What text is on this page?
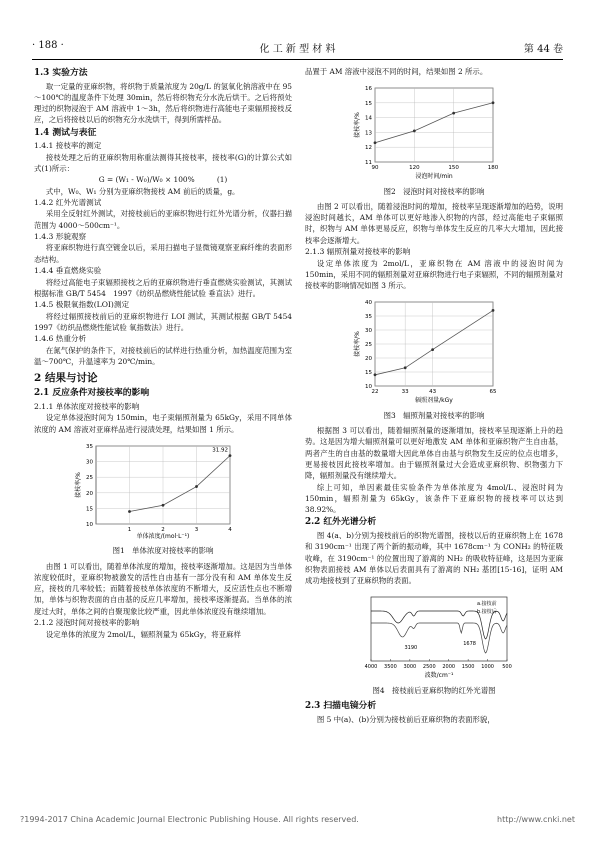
· 188 ·	化 工 新 型 材 料	第 44 卷
1.3 实验方法

取一定量的亚麻织物，将织物于质量浓度为 20g/L 的氢氧化钠溶液中在 95～100℃的温度条件下处理 30min，然后将织物充分水洗后烘干。之后将预处理过的织物浸泡于 AM 溶液中 1～3h，然后将织物进行高能电子束辐照接枝反应，之后将接枝以后的织物充分水洗烘干，得到所需样品。

1.4 测试与表征
1.4.1 接枝率的测定

接枝处理之后的亚麻织物用称重法测得其接枝率，接枝率(G)的计算公式如式(1)所示：

G = (W₁ - W₀)/W₀ × 100%　　　(1)

式中，W₀、W₁ 分别为亚麻织物接枝 AM 前后的质量，g。

1.4.2 红外光谱测试

采用全反射红外测试，对接枝前后的亚麻织物进行红外光谱分析，仪器扫描范围为 4000～500cm⁻¹。

1.4.3 形貌观察

将亚麻织物进行真空镀金以后，采用扫描电子显微镜观察亚麻纤维的表面形态结构。

1.4.4 垂直燃烧实验

将经过高能电子束辐照接枝之后的亚麻织物进行垂直燃烧实验测试，其测试根据标准 GB/T 5454　1997《纺织品燃烧性能试验 垂直法》进行。

1.4.5 极限氧指数(LOI)测定

将经过辐照接枝前后的亚麻织物进行 LOI 测试，其测试根据 GB/T 5454　1997《纺织品燃烧性能试验 氧指数法》进行。

1.4.6 热重分析

在氮气保护的条件下，对接枝前后的试样进行热重分析，加热温度范围为室温～700℃，升温速率为 20℃/min。

2 结果与讨论
2.1 反应条件对接枝率的影响
2.1.1 单体浓度对接枝率的影响

设定单体浸泡时间为 150min，电子束辐照剂量为 65kGy，采用不同单体浓度的 AM 溶液对亚麻样品进行浸渍处理，结果如图 1 所示。

10
15
20
25
30
35
1	2	3	4
31.92
单体浓度/(mol·L⁻¹)
接枝率/%
图1　单体浓度对接枝率的影响

由图 1 可以看出，随着单体浓度的增加，接枝率逐渐增加。这是因为当单体浓度较低时，亚麻织物被激发的活性自由基有一部分没有和 AM 单体发生反应，接枝的几率较低；而随着接枝单体浓度的不断增大，反应活性点也不断增加，单体与织物表面的自由基的反应几率增加，接枝率逐渐提高。当单体的浓度过大时，单体之间的自聚现象比较严重，因此单体浓度没有继续增加。

2.1.2 浸泡时间对接枝率的影响

设定单体的浓度为 2mol/L，辐照剂量为 65kGy，将亚麻样

品置于 AM 溶液中浸泡不同的时间，结果如图 2 所示。

11
12
13
14
15
16
90	120	150	180
浸泡时间/min
接枝率/%
图2　浸泡时间对接枝率的影响

由图 2 可以看出，随着浸泡时间的增加，接枝率呈现逐渐增加的趋势，说明浸泡时间越长，AM 单体可以更好地渗入织物的内部，经过高能电子束辐照时，织物与 AM 单体更易反应，织物与单体发生反应的几率大大增加，因此接枝率会逐渐增大。

2.1.3 辐照剂量对接枝率的影响

设定单体浓度为 2mol/L，亚麻织物在 AM 溶液中的浸泡时间为 150min，采用不同的辐照剂量对亚麻织物进行电子束辐照，不同的辐照剂量对接枝率的影响情况如图 3 所示。

10
15
20
25
30
35
40
22	33	43	65
辐照剂量/kGy
接枝率/%
图3　辐照剂量对接枝率的影响

根据图 3 可以看出，随着辐照剂量的逐渐增加，接枝率呈现逐渐上升的趋势。这是因为增大辐照剂量可以更好地激发 AM 单体和亚麻织物产生自由基，两者产生的自由基的数量增大因此单体自由基与织物发生反应的位点也增多，更易接枝因此接枝率增加。由于辐照剂量过大会造成亚麻织物、织物强力下降，辐照剂量没有继续增大。

综上可知，单因素最佳实验条件为单体浓度为 4mol/L、浸泡时间为 150min，辐照剂量为 65kGy，该条件下亚麻织物的接枝率可以达到 38.92%。

2.2 红外光谱分析

图 4(a、b)分别为接枝前后的织物光谱图，接枝以后的亚麻织物上在 1678 和 3190cm⁻¹ 出现了两个新的振动峰，其中 1678cm⁻¹ 为 CONH₂ 的特征吸收峰，在 3190cm⁻¹ 的位置出现了游离的 NH₂ 的吸收特征峰，这是因为亚麻织物表面接枝 AM 单体以后表面具有了游离的 NH₂ 基团[15-16]，证明 AM 成功地接枝到了亚麻织物的表面。

4000 3500 3000 2500 2000 1500 1000 500
波数/cm⁻¹
a.接枝前
b.接枝后
3190
1678
图4　接枝前后亚麻织物的红外光谱图
2.3 扫描电镜分析

图 5 中(a)、(b)分别为接枝前后亚麻织物的表面形貌，

?1994-2017 China Academic Journal Electronic Publishing House. All rights reserved.	http://www.cnki.net
